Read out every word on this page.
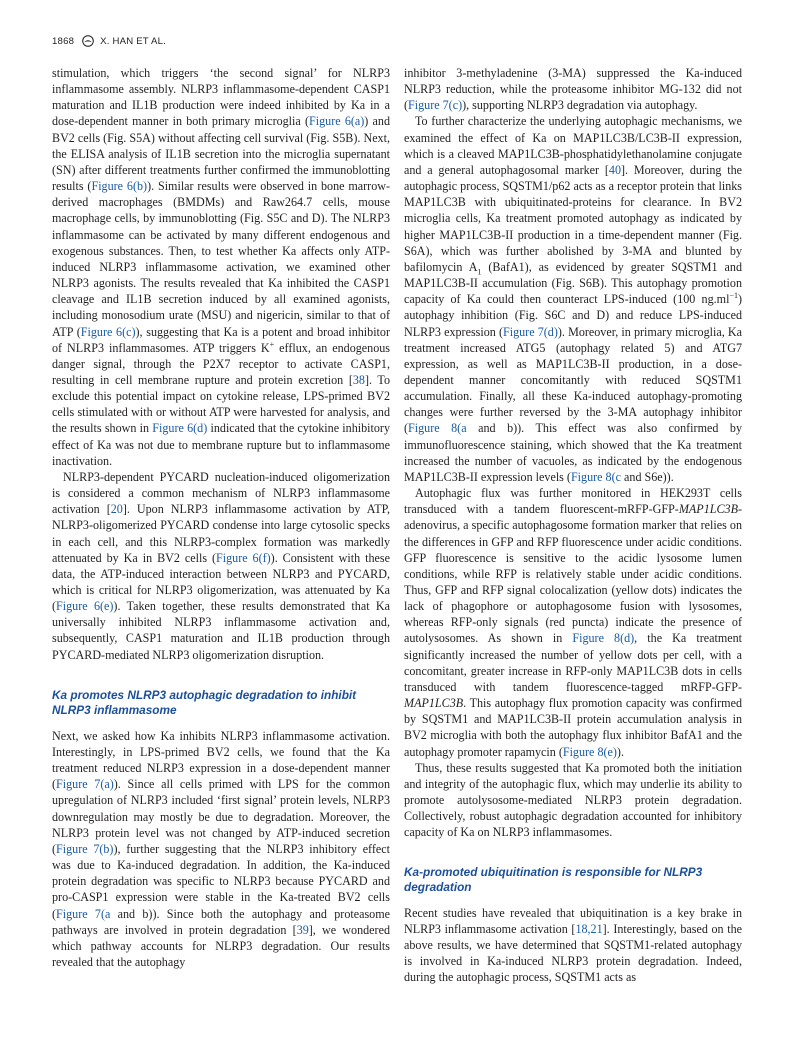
1868	X. HAN ET AL.

stimulation, which triggers ‘the second signal’ for NLRP3 inflammasome assembly. NLRP3 inflammasome-dependent CASP1 maturation and IL1B production were indeed inhibited by Ka in a dose-dependent manner in both primary microglia (Figure 6(a)) and BV2 cells (Fig. S5A) without affecting cell survival (Fig. S5B). Next, the ELISA analysis of IL1B secretion into the microglia supernatant (SN) after different treatments further confirmed the immunoblotting results (Figure 6(b)). Similar results were observed in bone marrow-derived macrophages (BMDMs) and Raw264.7 cells, mouse macrophage cells, by immunoblotting (Fig. S5C and D). The NLRP3 inflammasome can be activated by many different endogenous and exogenous substances. Then, to test whether Ka affects only ATP-induced NLRP3 inflammasome activation, we examined other NLRP3 agonists. The results revealed that Ka inhibited the CASP1 cleavage and IL1B secretion induced by all examined agonists, including monosodium urate (MSU) and nigericin, similar to that of ATP (Figure 6(c)), suggesting that Ka is a potent and broad inhibitor of NLRP3 inflammasomes. ATP triggers K+ efflux, an endogenous danger signal, through the P2X7 receptor to activate CASP1, resulting in cell membrane rupture and protein excretion [38]. To exclude this potential impact on cytokine release, LPS-primed BV2 cells stimulated with or without ATP were harvested for analysis, and the results shown in Figure 6(d) indicated that the cytokine inhibitory effect of Ka was not due to membrane rupture but to inflammasome inactivation.

NLRP3-dependent PYCARD nucleation-induced oligomerization is considered a common mechanism of NLRP3 inflammasome activation [20]. Upon NLRP3 inflammasome activation by ATP, NLRP3-oligomerized PYCARD condense into large cytosolic specks in each cell, and this NLRP3-complex formation was markedly attenuated by Ka in BV2 cells (Figure 6(f)). Consistent with these data, the ATP-induced interaction between NLRP3 and PYCARD, which is critical for NLRP3 oligomerization, was attenuated by Ka (Figure 6(e)). Taken together, these results demonstrated that Ka universally inhibited NLRP3 inflammasome activation and, subsequently, CASP1 maturation and IL1B production through PYCARD-mediated NLRP3 oligomerization disruption.

Ka promotes NLRP3 autophagic degradation to inhibit NLRP3 inflammasome

Next, we asked how Ka inhibits NLRP3 inflammasome activation. Interestingly, in LPS-primed BV2 cells, we found that the Ka treatment reduced NLRP3 expression in a dose-dependent manner (Figure 7(a)). Since all cells primed with LPS for the common upregulation of NLRP3 included ‘first signal’ protein levels, NLRP3 downregulation may mostly be due to degradation. Moreover, the NLRP3 protein level was not changed by ATP-induced secretion (Figure 7(b)), further suggesting that the NLRP3 inhibitory effect was due to Ka-induced degradation. In addition, the Ka-induced protein degradation was specific to NLRP3 because PYCARD and pro-CASP1 expression were stable in the Ka-treated BV2 cells (Figure 7(a and b)). Since both the autophagy and proteasome pathways are involved in protein degradation [39], we wondered which pathway accounts for NLRP3 degradation. Our results revealed that the autophagy

inhibitor 3-methyladenine (3-MA) suppressed the Ka-induced NLRP3 reduction, while the proteasome inhibitor MG-132 did not (Figure 7(c)), supporting NLRP3 degradation via autophagy.

To further characterize the underlying autophagic mechanisms, we examined the effect of Ka on MAP1LC3B/LC3B-II expression, which is a cleaved MAP1LC3B-phosphatidylethanolamine conjugate and a general autophagosomal marker [40]. Moreover, during the autophagic process, SQSTM1/p62 acts as a receptor protein that links MAP1LC3B with ubiquitinated-proteins for clearance. In BV2 microglia cells, Ka treatment promoted autophagy as indicated by higher MAP1LC3B-II production in a time-dependent manner (Fig. S6A), which was further abolished by 3-MA and blunted by bafilomycin $A_1$ (BafA1), as evidenced by greater SQSTM1 and MAP1LC3B-II accumulation (Fig. S6B). This autophagy promotion capacity of Ka could then counteract LPS-induced (100 $ng.ml^{-1}$) autophagy inhibition (Fig. S6C and D) and reduce LPS-induced NLRP3 expression (Figure 7(d)). Moreover, in primary microglia, Ka treatment increased ATG5 (autophagy related 5) and ATG7 expression, as well as MAP1LC3B-II production, in a dose-dependent manner concomitantly with reduced SQSTM1 accumulation. Finally, all these Ka-induced autophagy-promoting changes were further reversed by the 3-MA autophagy inhibitor (Figure 8(a and b)). This effect was also confirmed by immunofluorescence staining, which showed that the Ka treatment increased the number of vacuoles, as indicated by the endogenous MAP1LC3B-II expression levels (Figure 8(c and S6e)).

Autophagic flux was further monitored in HEK293T cells transduced with a tandem fluorescent-mRFP-GFP-MAP1LC3B-adenovirus, a specific autophagosome formation marker that relies on the differences in GFP and RFP fluorescence under acidic conditions. GFP fluorescence is sensitive to the acidic lysosome lumen conditions, while RFP is relatively stable under acidic conditions. Thus, GFP and RFP signal colocalization (yellow dots) indicates the lack of phagophore or autophagosome fusion with lysosomes, whereas RFP-only signals (red puncta) indicate the presence of autolysosomes. As shown in Figure 8(d), the Ka treatment significantly increased the number of yellow dots per cell, with a concomitant, greater increase in RFP-only MAP1LC3B dots in cells transduced with tandem fluorescence-tagged mRFP-GFP-MAP1LC3B. This autophagy flux promotion capacity was confirmed by SQSTM1 and MAP1LC3B-II protein accumulation analysis in BV2 microglia with both the autophagy flux inhibitor BafA1 and the autophagy promoter rapamycin (Figure 8(e)).

Thus, these results suggested that Ka promoted both the initiation and integrity of the autophagic flux, which may underlie its ability to promote autolysosome-mediated NLRP3 protein degradation. Collectively, robust autophagic degradation accounted for inhibitory capacity of Ka on NLRP3 inflammasomes.

Ka-promoted ubiquitination is responsible for NLRP3 degradation

Recent studies have revealed that ubiquitination is a key brake in NLRP3 inflammasome activation [18,21]. Interestingly, based on the above results, we have determined that SQSTM1-related autophagy is involved in Ka-induced NLRP3 protein degradation. Indeed, during the autophagic process, SQSTM1 acts as
